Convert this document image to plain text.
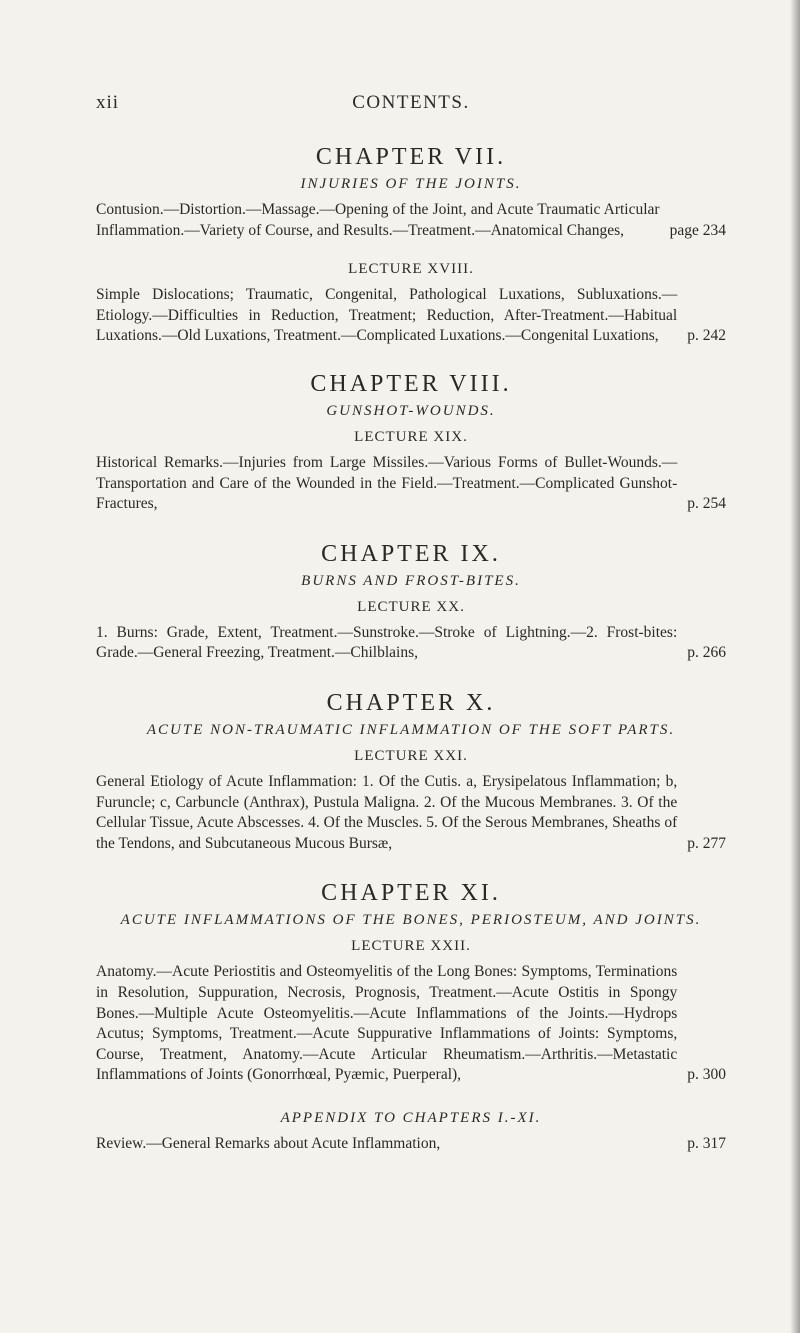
xii	CONTENTS.
CHAPTER VII.
INJURIES OF THE JOINTS.
Contusion.—Distortion.—Massage.—Opening of the Joint, and Acute Traumatic Articular Inflammation.—Variety of Course, and Results.—Treatment.—Anatomical Changes,	page 234
LECTURE XVIII.
Simple Dislocations; Traumatic, Congenital, Pathological Luxations, Subluxations.—Etiology.—Difficulties in Reduction, Treatment; Reduction, After-Treatment.—Habitual Luxations.—Old Luxations, Treatment.—Complicated Luxations.—Congenital Luxations,	p. 242
CHAPTER VIII.
GUNSHOT-WOUNDS.
LECTURE XIX.
Historical Remarks.—Injuries from Large Missiles.—Various Forms of Bullet-Wounds.—Transportation and Care of the Wounded in the Field.—Treatment.—Complicated Gunshot-Fractures,	p. 254
CHAPTER IX.
BURNS AND FROST-BITES.
LECTURE XX.
1. Burns: Grade, Extent, Treatment.—Sunstroke.—Stroke of Lightning.—2. Frost-bites: Grade.—General Freezing, Treatment.—Chilblains,	p. 266
CHAPTER X.
ACUTE NON-TRAUMATIC INFLAMMATION OF THE SOFT PARTS.
LECTURE XXI.
General Etiology of Acute Inflammation: 1. Of the Cutis. a, Erysipelatous Inflammation; b, Furuncle; c, Carbuncle (Anthrax), Pustula Maligna. 2. Of the Mucous Membranes. 3. Of the Cellular Tissue, Acute Abscesses. 4. Of the Muscles. 5. Of the Serous Membranes, Sheaths of the Tendons, and Subcutaneous Mucous Bursæ,	p. 277
CHAPTER XI.
ACUTE INFLAMMATIONS OF THE BONES, PERIOSTEUM, AND JOINTS.
LECTURE XXII.
Anatomy.—Acute Periostitis and Osteomyelitis of the Long Bones: Symptoms, Terminations in Resolution, Suppuration, Necrosis, Prognosis, Treatment.—Acute Ostitis in Spongy Bones.—Multiple Acute Osteomyelitis.—Acute Inflammations of the Joints.—Hydrops Acutus; Symptoms, Treatment.—Acute Suppurative Inflammations of Joints: Symptoms, Course, Treatment, Anatomy.—Acute Articular Rheumatism.—Arthritis.—Metastatic Inflammations of Joints (Gonorrhœal, Pyæmic, Puerperal),	p. 300
APPENDIX TO CHAPTERS I.-XI.
Review.—General Remarks about Acute Inflammation,	p. 317
